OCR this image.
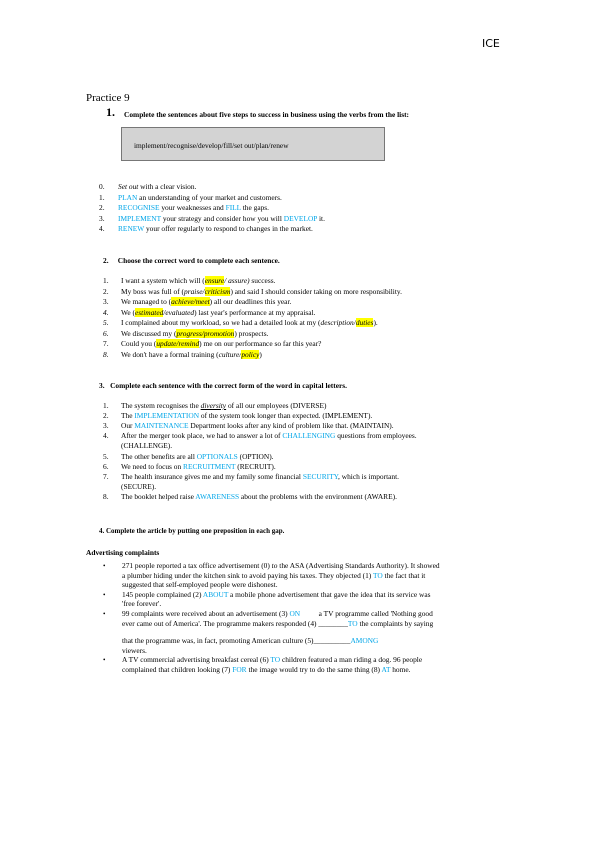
ICE
Practice 9
1. Complete the sentences about five steps to success in business using the verbs from the list:
implement/recognise/develop/fill/set out/plan/renew
0. Set out with a clear vision.
1. PLAN an understanding of your market and customers.
2. RECOGNISE your weaknesses and FILL the gaps.
3. IMPLEMENT your strategy and consider how you will DEVELOP it.
4. RENEW your offer regularly to respond to changes in the market.
2.     Choose the correct word to complete each sentence.
1. I want a system which will (ensure/ assure) success.
2. My boss was full of (praise/criticism) and said I should consider taking on more responsibility.
3. We managed to (achieve/meet) all our deadlines this year.
4. We (estimated/evaluated) last year's performance at my appraisal.
5. I complained about my workload, so we had a detailed look at my (description/duties).
6. We discussed my (progress/promotion) prospects.
7. Could you (update/remind) me on our performance so far this year?
8. We don't have a formal training (culture/policy)
3.   Complete each sentence with the correct form of the word in capital letters.
1. The system recognises the diversity of all our employees (DIVERSE)
2. The IMPLEMENTATION of the system took longer than expected. (IMPLEMENT).
3. Our MAINTENANCE Department looks after any kind of problem like that. (MAINTAIN).
4. After the merger took place, we had to answer a lot of CHALLENGING questions from employees.
(CHALLENGE).
5. The other benefits are all OPTIONALS (OPTION).
6. We need to focus on RECRUITMENT (RECRUIT).
7. The health insurance gives me and my family some financial SECURITY, which is important.
(SECURE).
8. The booklet helped raise AWARENESS about the problems with the environment (AWARE).
4. Complete the article by putting one preposition in each gap.
Advertising complaints
• 271 people reported a tax office advertisement (0) to the ASA (Advertising Standards Authority). It showed
a plumber hiding under the kitchen sink to avoid paying his taxes. They objected (1) TO the fact that it
suggested that self-employed people were dishonest.
• 145 people complained (2) ABOUT a mobile phone advertisement that gave the idea that its service was
'free forever'.
• 99 complaints were received about an advertisement (3) ON          a TV programme called 'Nothing good
ever came out of America'. The programme makers responded (4) ________TO the complaints by saying
that the programme was, in fact, promoting American culture (5)__________AMONG
viewers.
• A TV commercial advertising breakfast cereal (6) TO children featured a man riding a dog. 96 people
complained that children looking (7) FOR the image would try to do the same thing (8) AT home.
